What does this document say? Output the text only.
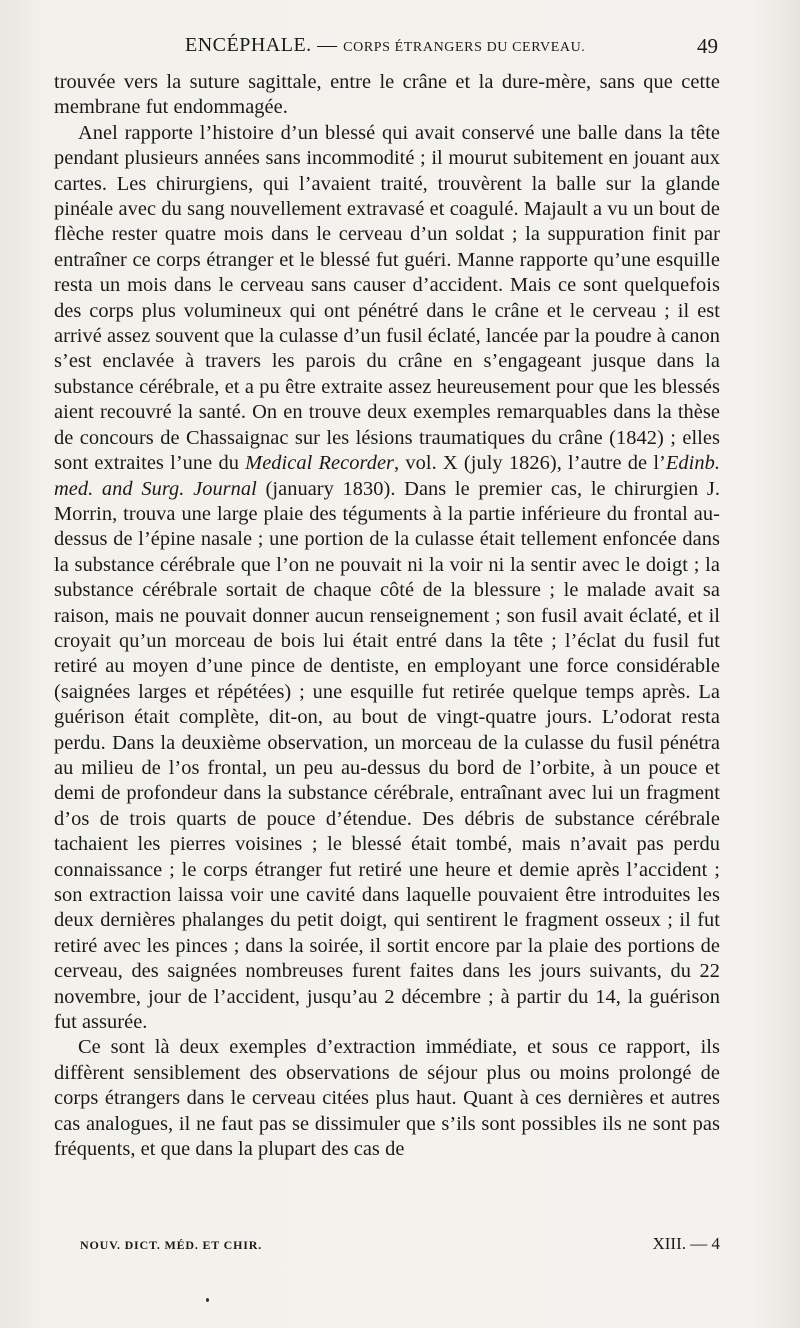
ENCÉPHALE. — CORPS ÉTRANGERS DU CERVEAU.	49

trouvée vers la suture sagittale, entre le crâne et la dure-mère, sans que cette membrane fut endommagée.

Anel rapporte l’histoire d’un blessé qui avait conservé une balle dans la tête pendant plusieurs années sans incommodité ; il mourut subitement en jouant aux cartes. Les chirurgiens, qui l’avaient traité, trouvèrent la balle sur la glande pinéale avec du sang nouvellement extravasé et coagulé. Majault a vu un bout de flèche rester quatre mois dans le cerveau d’un soldat ; la suppuration finit par entraîner ce corps étranger et le blessé fut guéri. Manne rapporte qu’une esquille resta un mois dans le cerveau sans causer d’accident. Mais ce sont quelquefois des corps plus volumineux qui ont pénétré dans le crâne et le cerveau ; il est arrivé assez souvent que la culasse d’un fusil éclaté, lancée par la poudre à canon s’est enclavée à travers les parois du crâne en s’engageant jusque dans la substance cérébrale, et a pu être extraite assez heureusement pour que les blessés aient recouvré la santé. On en trouve deux exemples remarquables dans la thèse de concours de Chassaignac sur les lésions traumatiques du crâne (1842) ; elles sont extraites l’une du Medical Recorder, vol. X (july 1826), l’autre de l’Edinb. med. and Surg. Journal (january 1830). Dans le premier cas, le chirurgien J. Morrin, trouva une large plaie des téguments à la partie inférieure du frontal au-dessus de l’épine nasale ; une portion de la culasse était tellement enfoncée dans la substance cérébrale que l’on ne pouvait ni la voir ni la sentir avec le doigt ; la substance cérébrale sortait de chaque côté de la blessure ; le malade avait sa raison, mais ne pouvait donner aucun renseignement ; son fusil avait éclaté, et il croyait qu’un morceau de bois lui était entré dans la tête ; l’éclat du fusil fut retiré au moyen d’une pince de dentiste, en employant une force considérable (saignées larges et répétées) ; une esquille fut retirée quelque temps après. La guérison était complète, dit-on, au bout de vingt-quatre jours. L’odorat resta perdu. Dans la deuxième observation, un morceau de la culasse du fusil pénétra au milieu de l’os frontal, un peu au-dessus du bord de l’orbite, à un pouce et demi de profondeur dans la substance cérébrale, entraînant avec lui un fragment d’os de trois quarts de pouce d’étendue. Des débris de substance cérébrale tachaient les pierres voisines ; le blessé était tombé, mais n’avait pas perdu connaissance ; le corps étranger fut retiré une heure et demie après l’accident ; son extraction laissa voir une cavité dans laquelle pouvaient être introduites les deux dernières phalanges du petit doigt, qui sentirent le fragment osseux ; il fut retiré avec les pinces ; dans la soirée, il sortit encore par la plaie des portions de cerveau, des saignées nombreuses furent faites dans les jours suivants, du 22 novembre, jour de l’accident, jusqu’au 2 décembre ; à partir du 14, la guérison fut assurée.

Ce sont là deux exemples d’extraction immédiate, et sous ce rapport, ils diffèrent sensiblement des observations de séjour plus ou moins prolongé de corps étrangers dans le cerveau citées plus haut. Quant à ces dernières et autres cas analogues, il ne faut pas se dissimuler que s’ils sont possibles ils ne sont pas fréquents, et que dans la plupart des cas de

NOUV. DICT. MÉD. ET CHIR.	XIII. — 4
